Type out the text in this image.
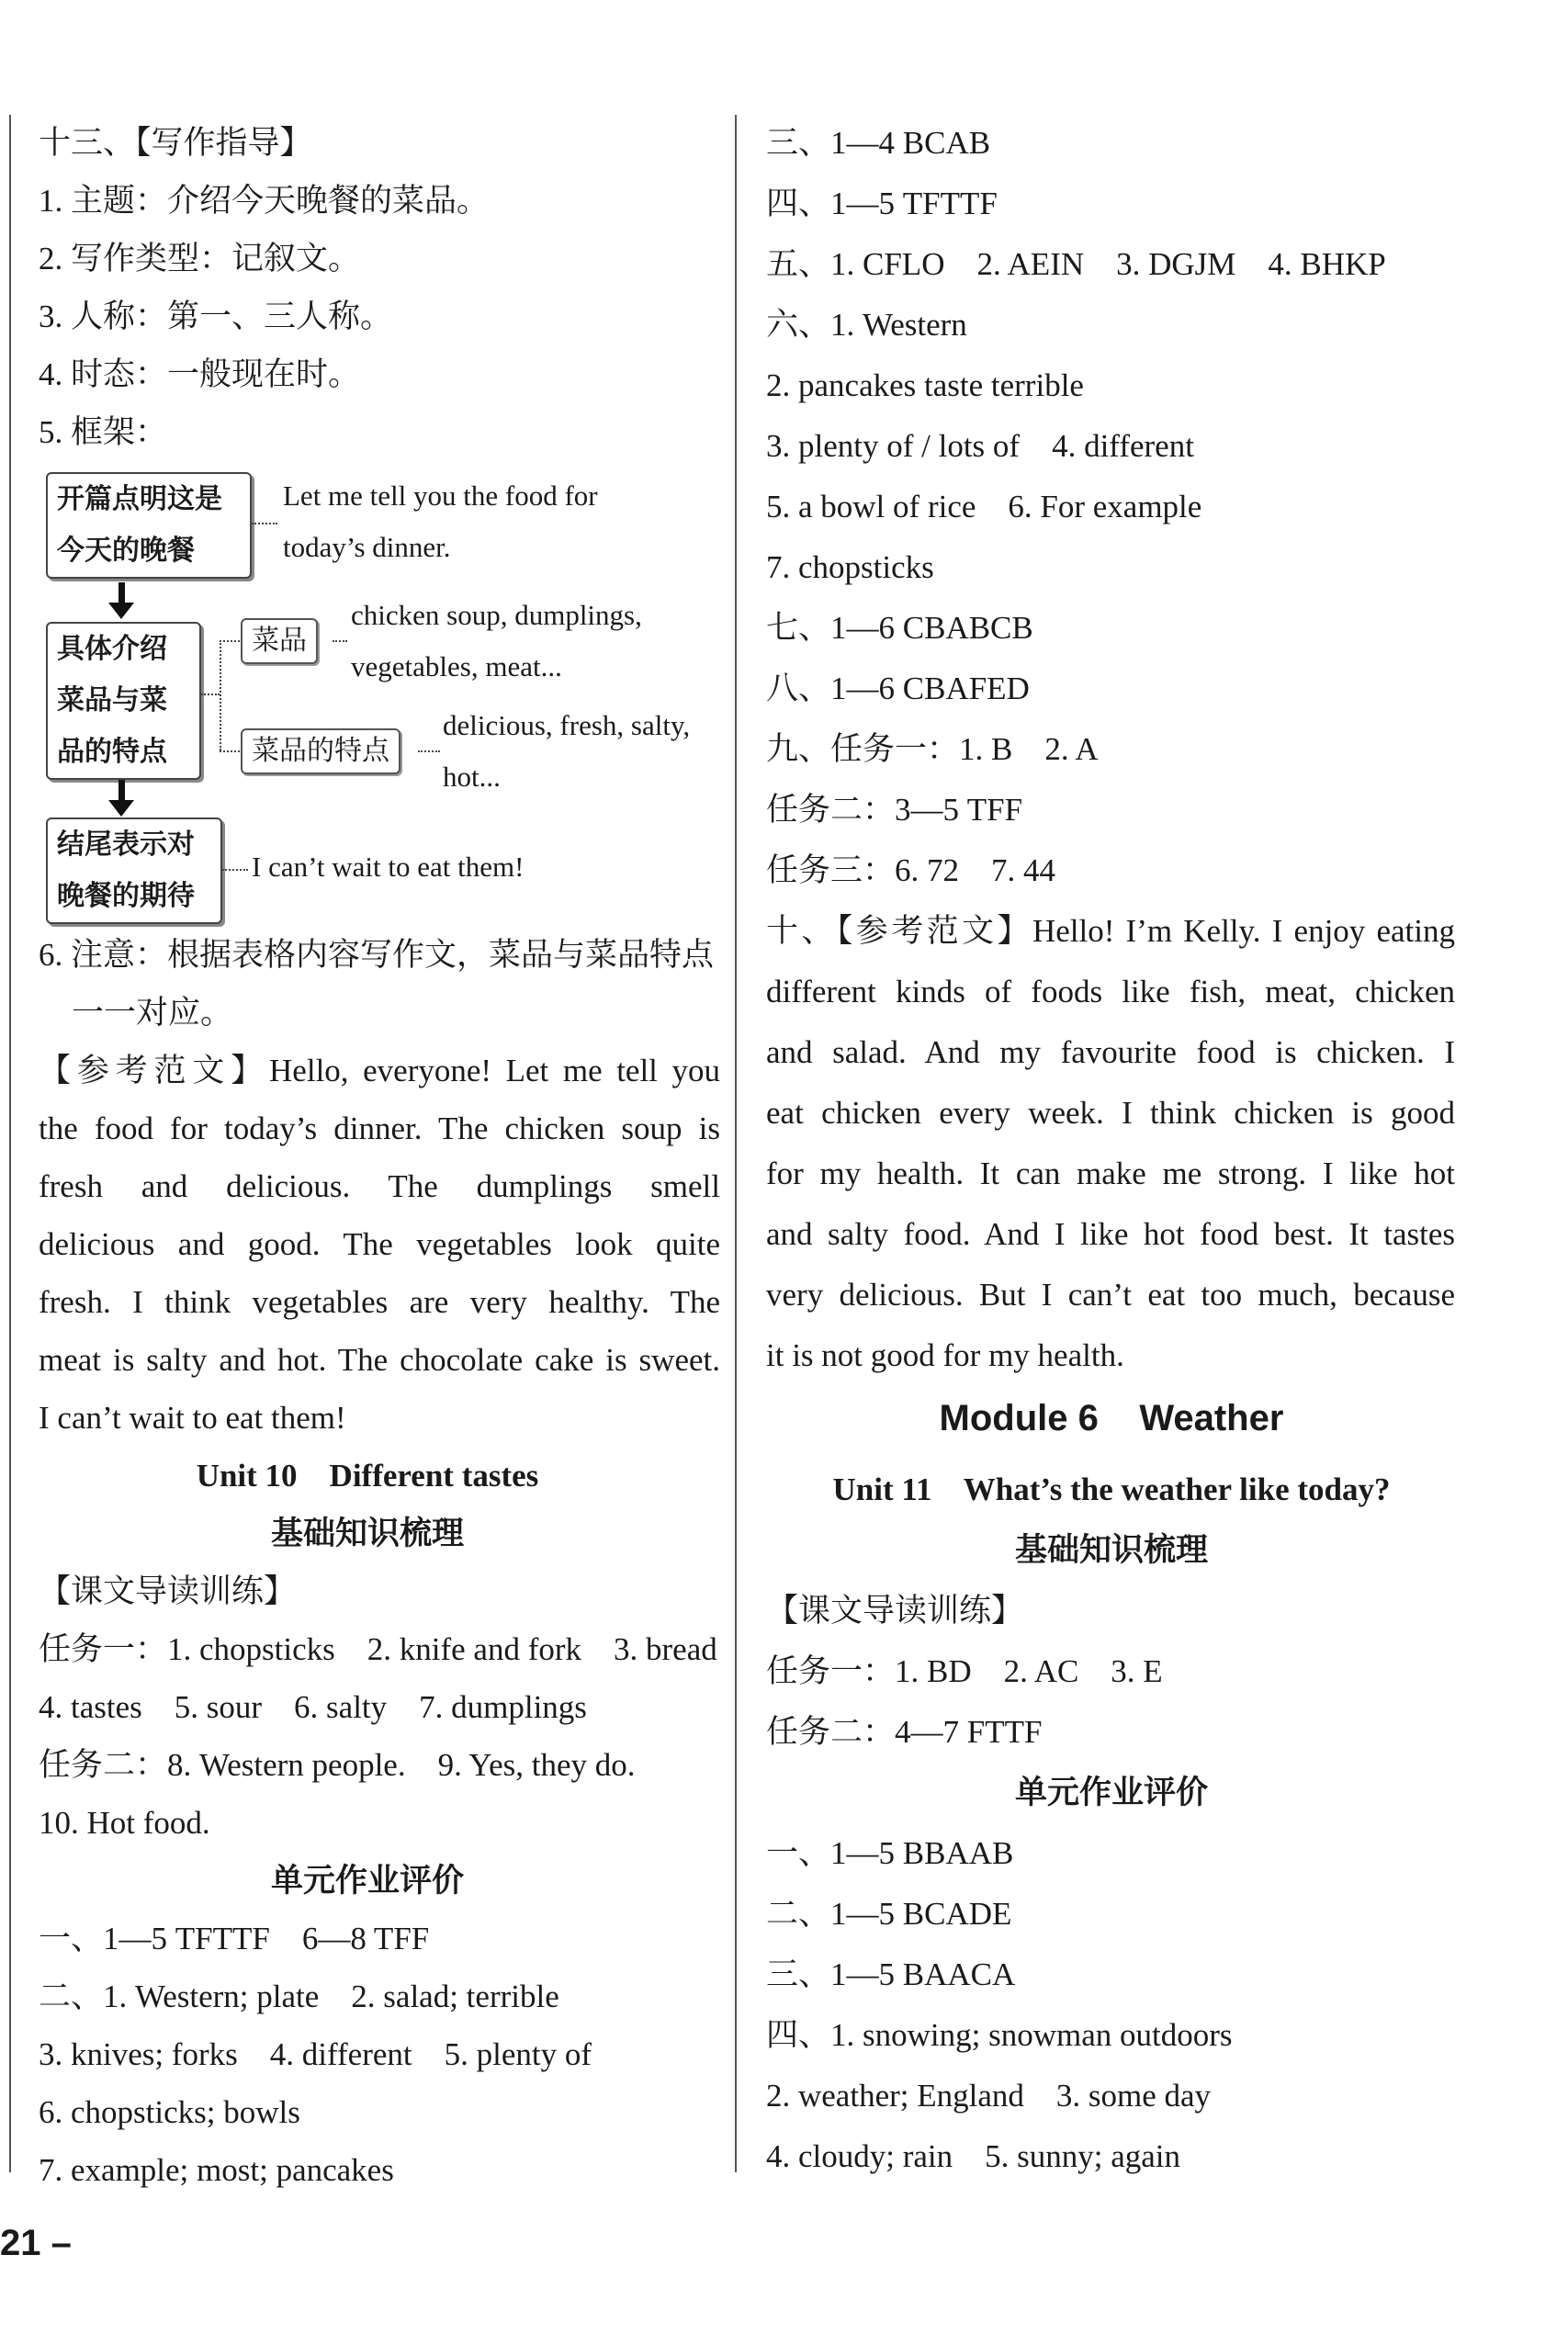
十三、【写作指导】
1. 主题：介绍今天晚餐的菜品。
2. 写作类型：记叙文。
3. 人称：第一、三人称。
4. 时态：一般现在时。
5. 框架：
开篇点明这是
今天的晚餐
Let me tell you the food for
today’s dinner.
具体介绍
菜品与菜
品的特点
菜品
chicken soup, dumplings,
vegetables, meat...
菜品的特点
delicious, fresh, salty,
hot...
结尾表示对
晚餐的期待
I can’t wait to eat them!
6. 注意：根据表格内容写作文，菜品与菜品特点
一一对应。
【参考范文】Hello, everyone! Let me tell you
the food for today’s dinner. The chicken soup is
fresh and delicious. The dumplings smell
delicious and good. The vegetables look quite
fresh. I think vegetables are very healthy. The
meat is salty and hot. The chocolate cake is sweet.
I can’t wait to eat them!
Unit 10    Different tastes
基础知识梳理
【课文导读训练】
任务一：1. chopsticks    2. knife and fork    3. bread
4. tastes    5. sour    6. salty    7. dumplings
任务二：8. Western people.    9. Yes, they do.
10. Hot food.
单元作业评价
一、1—5 TFTTF    6—8 TFF
二、1. Western; plate    2. salad; terrible
3. knives; forks    4. different    5. plenty of
6. chopsticks; bowls
7. example; most; pancakes
三、1—4 BCAB
四、1—5 TFTTF
五、1. CFLO    2. AEIN    3. DGJM    4. BHKP
六、1. Western
2. pancakes taste terrible
3. plenty of / lots of    4. different
5. a bowl of rice    6. For example
7. chopsticks
七、1—6 CBABCB
八、1—6 CBAFED
九、任务一：1. B    2. A
任务二：3—5 TFF
任务三：6. 72    7. 44
十、【参考范文】Hello! I’m Kelly. I enjoy eating
different kinds of foods like fish, meat, chicken
and salad. And my favourite food is chicken. I
eat chicken every week. I think chicken is good
for my health. It can make me strong. I like hot
and salty food. And I like hot food best. It tastes
very delicious. But I can’t eat too much, because
it is not good for my health.
Module 6    Weather
Unit 11    What’s the weather like today?
基础知识梳理
【课文导读训练】
任务一：1. BD    2. AC    3. E
任务二：4—7 FTTF
单元作业评价
一、1—5 BBAAB
二、1—5 BCADE
三、1—5 BAACA
四、1. snowing; snowman outdoors
2. weather; England    3. some day
4. cloudy; rain    5. sunny; again
21 –
